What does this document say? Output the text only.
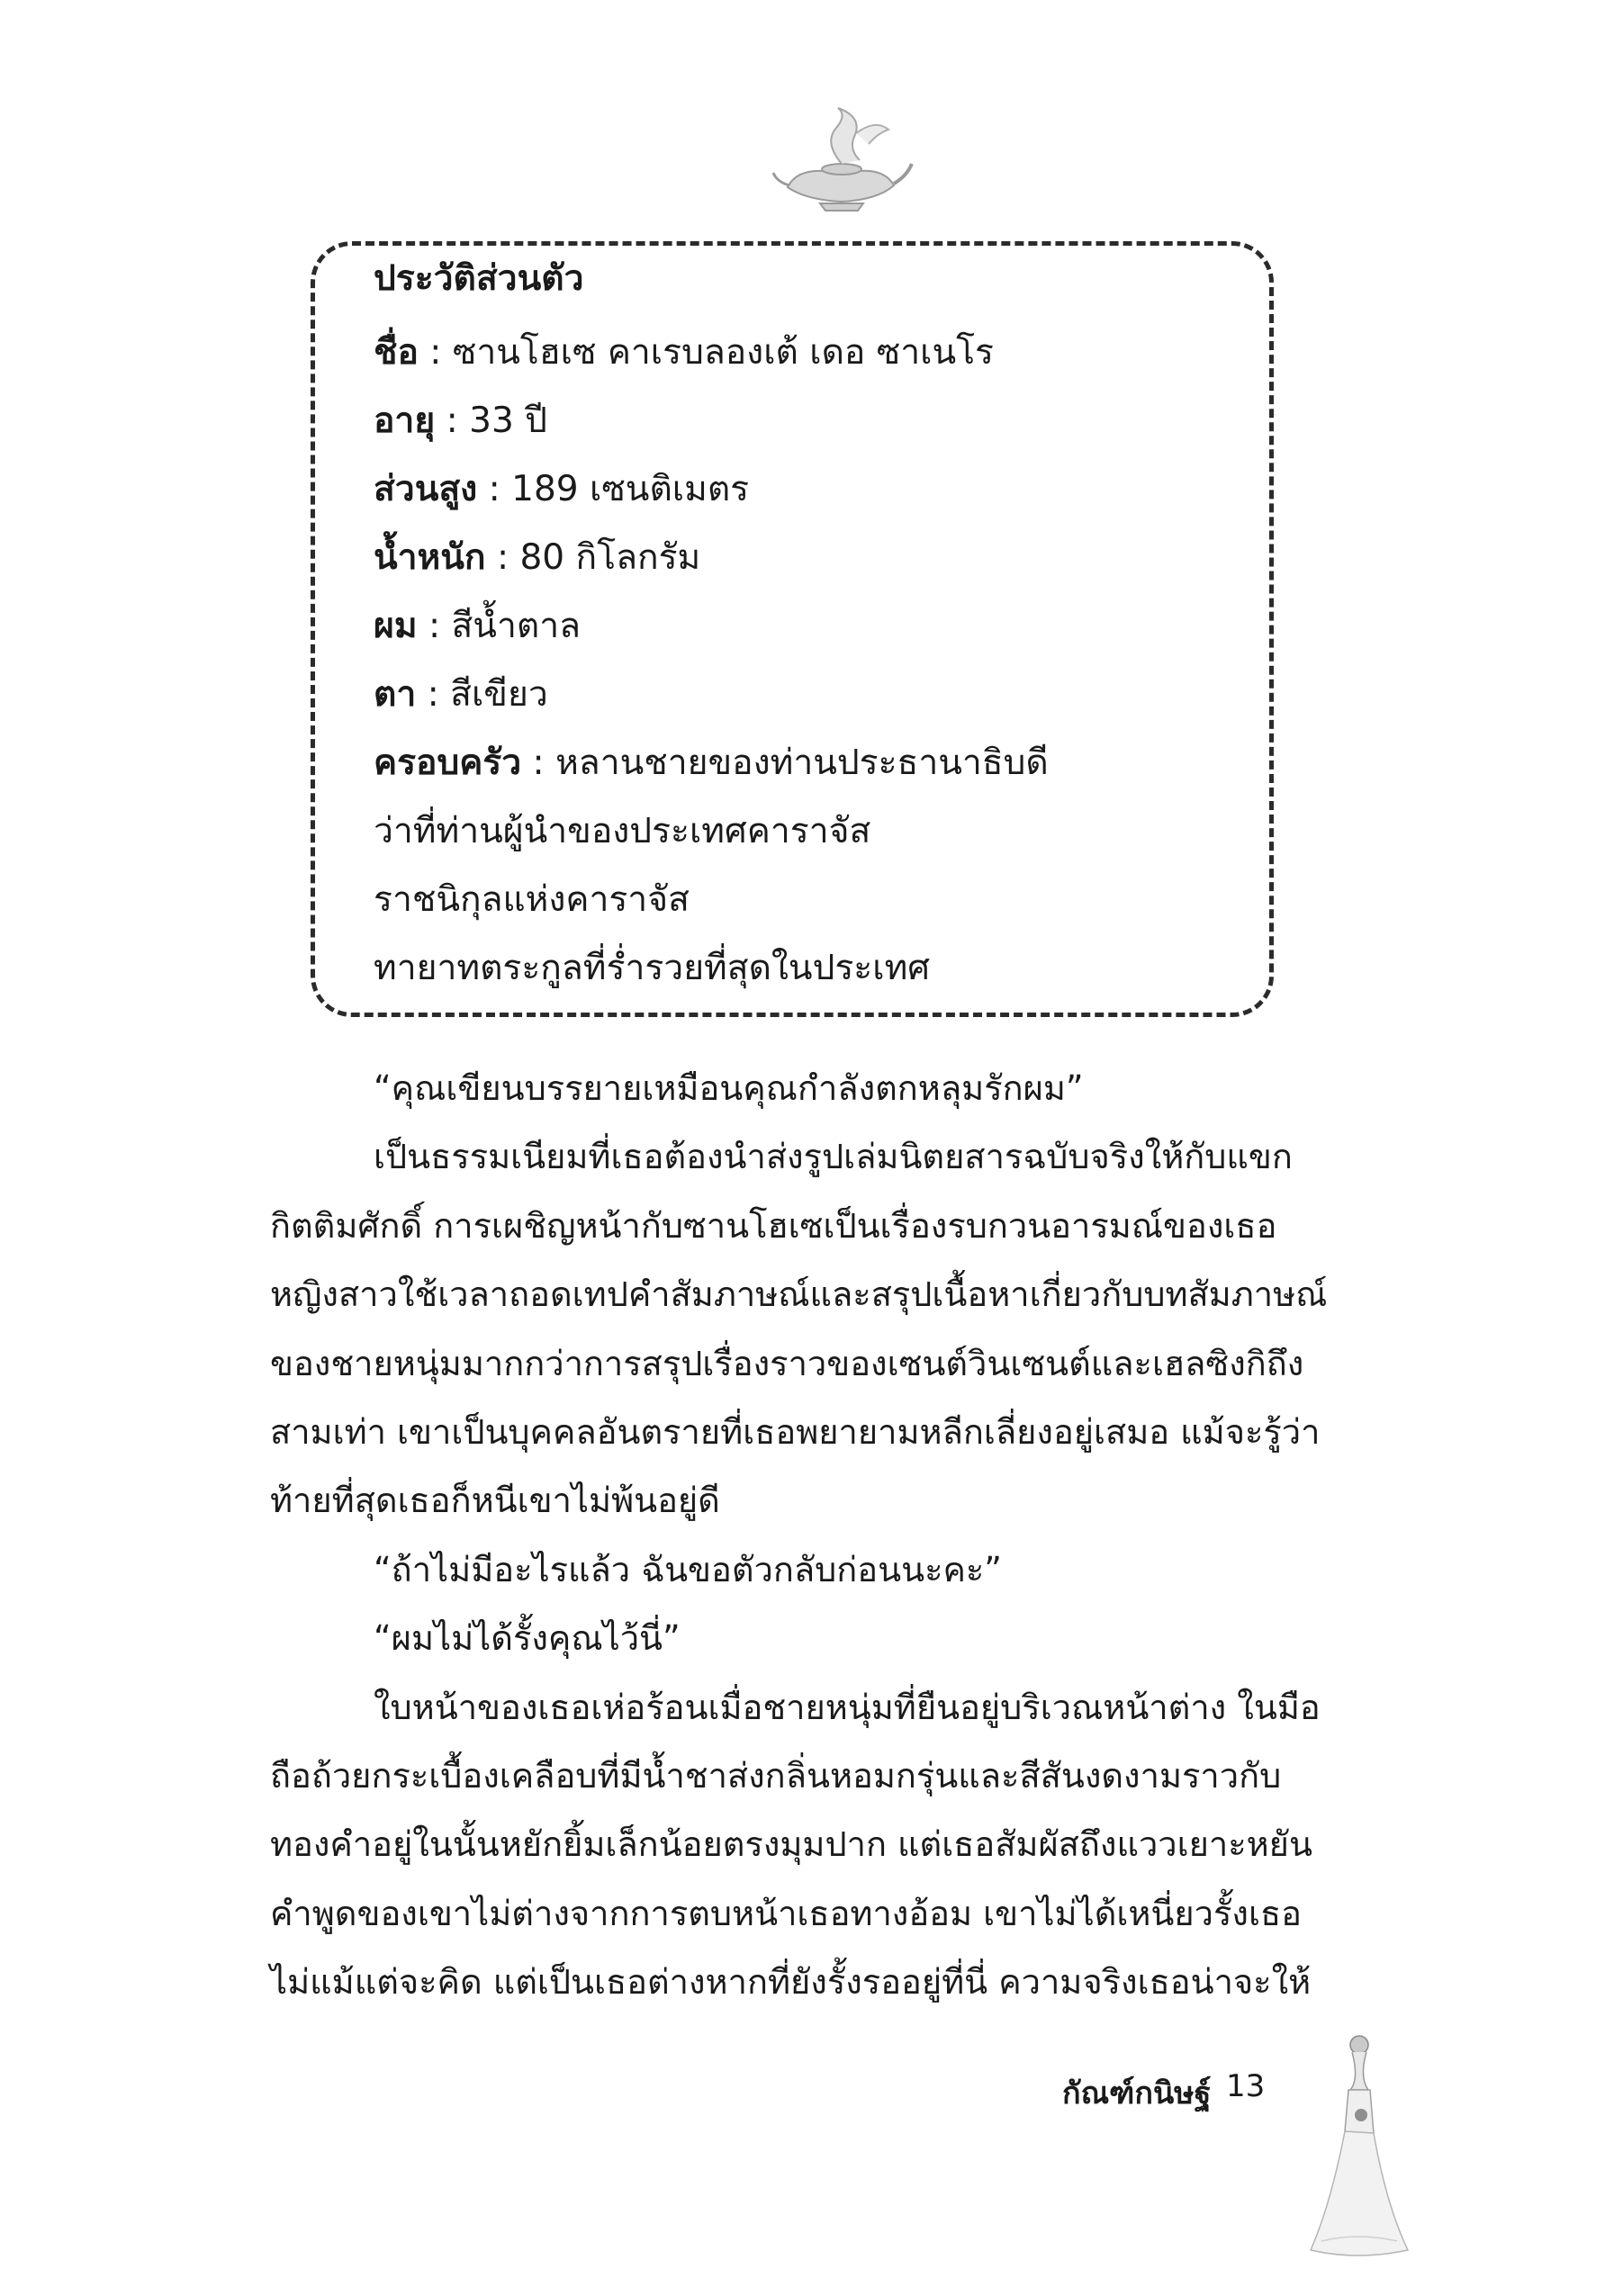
ประวัติส่วนตัว
ชื่อ : ซานโฮเซ คาเรบลองเต้ เดอ ซาเนโร
อายุ : 33 ปี
ส่วนสูง : 189 เซนติเมตร
น้ำหนัก : 80 กิโลกรัม
ผม : สีน้ำตาล
ตา : สีเขียว
ครอบครัว : หลานชายของท่านประธานาธิบดี
ว่าที่ท่านผู้นำของประเทศคาราจัส
ราชนิกุลแห่งคาราจัส
ทายาทตระกูลที่ร่ำรวยที่สุดในประเทศ
“คุณเขียนบรรยายเหมือนคุณกำลังตกหลุมรักผม”
เป็นธรรมเนียมที่เธอต้องนำส่งรูปเล่มนิตยสารฉบับจริงให้กับแขก
กิตติมศักดิ์ การเผชิญหน้ากับซานโฮเซเป็นเรื่องรบกวนอารมณ์ของเธอ
หญิงสาวใช้เวลาถอดเทปคำสัมภาษณ์และสรุปเนื้อหาเกี่ยวกับบทสัมภาษณ์
ของชายหนุ่มมากกว่าการสรุปเรื่องราวของเซนต์วินเซนต์และเฮลซิงกิถึง
สามเท่า เขาเป็นบุคคลอันตรายที่เธอพยายามหลีกเลี่ยงอยู่เสมอ แม้จะรู้ว่า
ท้ายที่สุดเธอก็หนีเขาไม่พ้นอยู่ดี
“ถ้าไม่มีอะไรแล้ว ฉันขอตัวกลับก่อนนะคะ”
“ผมไม่ได้รั้งคุณไว้นี่”
ใบหน้าของเธอเห่อร้อนเมื่อชายหนุ่มที่ยืนอยู่บริเวณหน้าต่าง ในมือ
ถือถ้วยกระเบื้องเคลือบที่มีน้ำชาส่งกลิ่นหอมกรุ่นและสีสันงดงามราวกับ
ทองคำอยู่ในนั้นหยักยิ้มเล็กน้อยตรงมุมปาก แต่เธอสัมผัสถึงแววเยาะหยัน
คำพูดของเขาไม่ต่างจากการตบหน้าเธอทางอ้อม เขาไม่ได้เหนี่ยวรั้งเธอ
ไม่แม้แต่จะคิด แต่เป็นเธอต่างหากที่ยังรั้งรออยู่ที่นี่ ความจริงเธอน่าจะให้
กัณฑ์กนิษฐ์ 13
